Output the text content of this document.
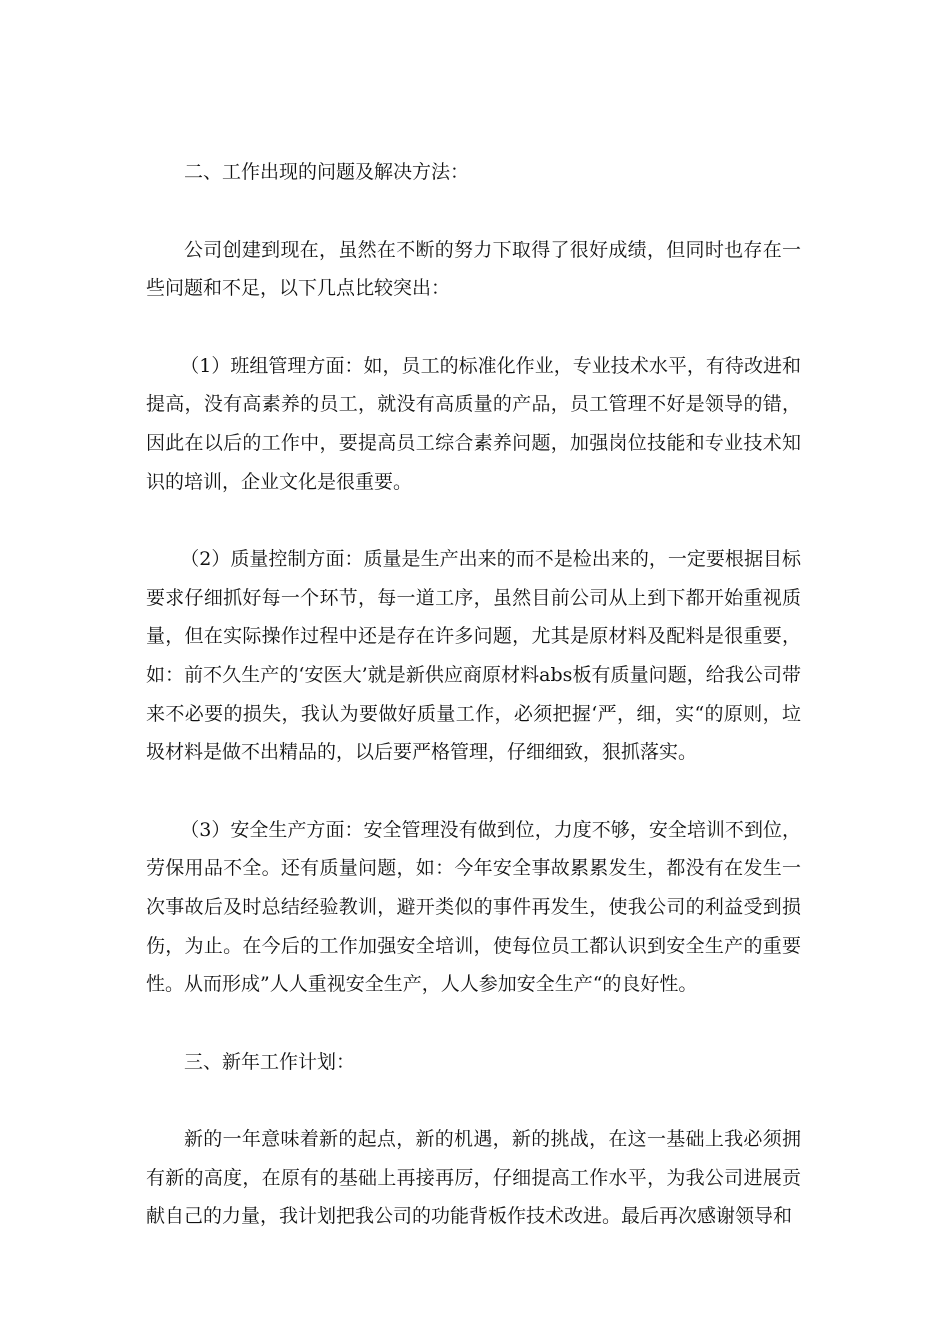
二、工作出现的问题及解决方法：

公司创建到现在，虽然在不断的努力下取得了很好成绩，但同时也存在一些问题和不足，以下几点比较突出：

（1）班组管理方面：如，员工的标准化作业，专业技术水平，有待改进和提高，没有高素养的员工，就没有高质量的产品，员工管理不好是领导的错，因此在以后的工作中，要提高员工综合素养问题，加强岗位技能和专业技术知识的培训，企业文化是很重要。

（2）质量控制方面：质量是生产出来的而不是检出来的，一定要根据目标要求仔细抓好每一个环节，每一道工序，虽然目前公司从上到下都开始重视质量，但在实际操作过程中还是存在许多问题，尤其是原材料及配料是很重要，如：前不久生产的‘安医大’就是新供应商原材料abs板有质量问题，给我公司带来不必要的损失，我认为要做好质量工作，必须把握‘严，细，实“的原则，垃圾材料是做不出精品的，以后要严格管理，仔细细致，狠抓落实。

（3）安全生产方面：安全管理没有做到位，力度不够，安全培训不到位，劳保用品不全。还有质量问题，如：今年安全事故累累发生，都没有在发生一次事故后及时总结经验教训，避开类似的事件再发生，使我公司的利益受到损伤，为止。在今后的工作加强安全培训，使每位员工都认识到安全生产的重要性。从而形成”人人重视安全生产，人人参加安全生产“的良好性。

三、新年工作计划：

新的一年意味着新的起点，新的机遇，新的挑战，在这一基础上我必须拥有新的高度，在原有的基础上再接再厉，仔细提高工作水平，为我公司进展贡献自己的力量，我计划把我公司的功能背板作技术改进。最后再次感谢领导和
